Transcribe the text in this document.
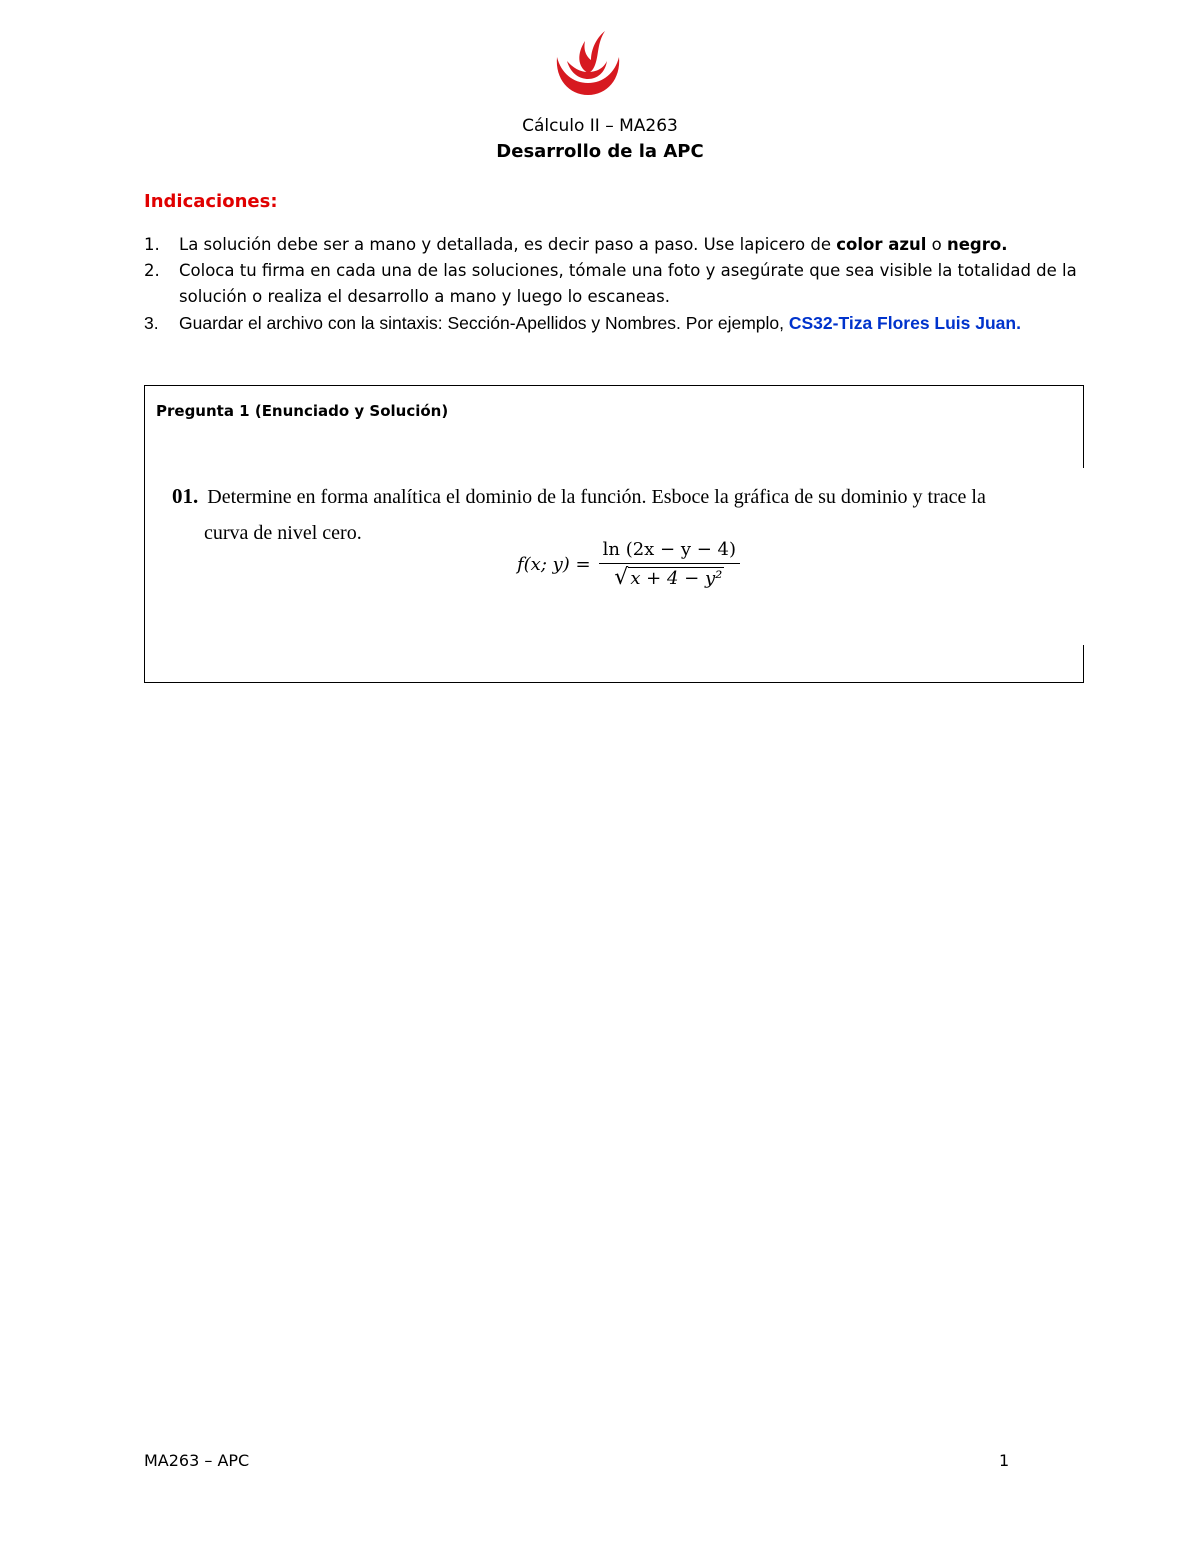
Cálculo II – MA263
Desarrollo de la APC
Indicaciones:
1. La solución debe ser a mano y detallada, es decir paso a paso. Use lapicero de color azul o negro.
2. Coloca tu firma en cada una de las soluciones, tómale una foto y asegúrate que sea visible la totalidad de la solución o realiza el desarrollo a mano y luego lo escaneas.
3. Guardar el archivo con la sintaxis: Sección-Apellidos y Nombres. Por ejemplo, CS32-Tiza Flores Luis Juan.
Pregunta 1 (Enunciado y Solución)
01. Determine en forma analítica el dominio de la función. Esboce la gráfica de su dominio y trace la
curva de nivel cero.
f(x; $y) = \frac{\ln (2x - y - 4)}{\text{√ x + 4 − y²}}$
MA263 – APC	1
